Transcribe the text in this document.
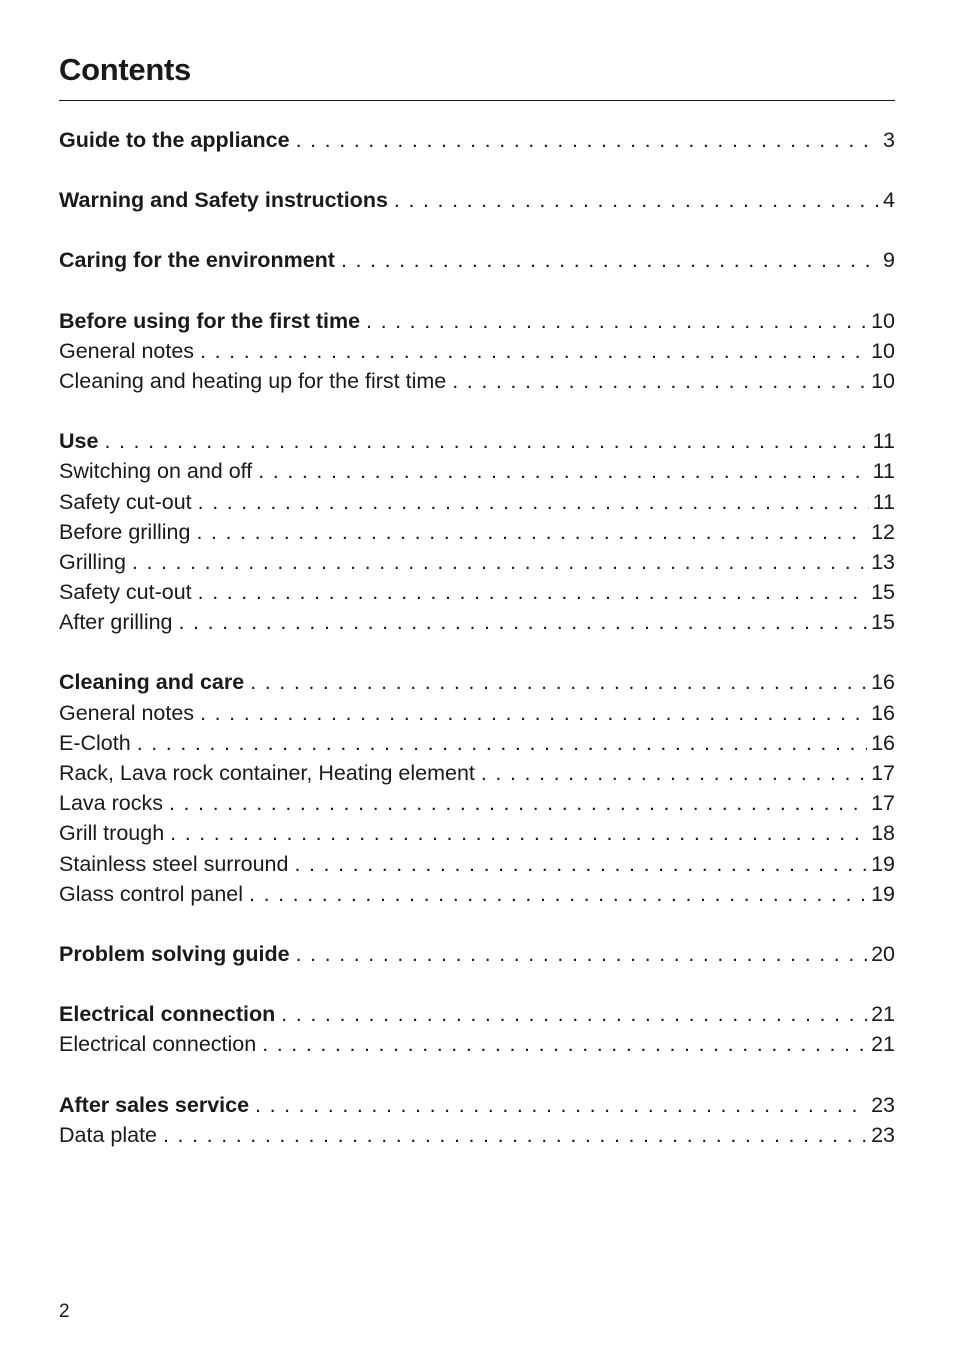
Contents
Guide to the appliance . . .	3
Warning and Safety instructions . . .	4
Caring for the environment . . .	9
Before using for the first time . . .	10
General notes . . .	10
Cleaning and heating up for the first time . . .	10
Use . . .	11
Switching on and off . . .	11
Safety cut-out . . .	11
Before grilling . . .	12
Grilling . . .	13
Safety cut-out . . .	15
After grilling . . .	15
Cleaning and care . . .	16
General notes . . .	16
E-Cloth . . .	16
Rack, Lava rock container, Heating element . . .	17
Lava rocks . . .	17
Grill trough . . .	18
Stainless steel surround . . .	19
Glass control panel . . .	19
Problem solving guide . . .	20
Electrical connection . . .	21
Electrical connection . . .	21
After sales service . . .	23
Data plate . . .	23
2
